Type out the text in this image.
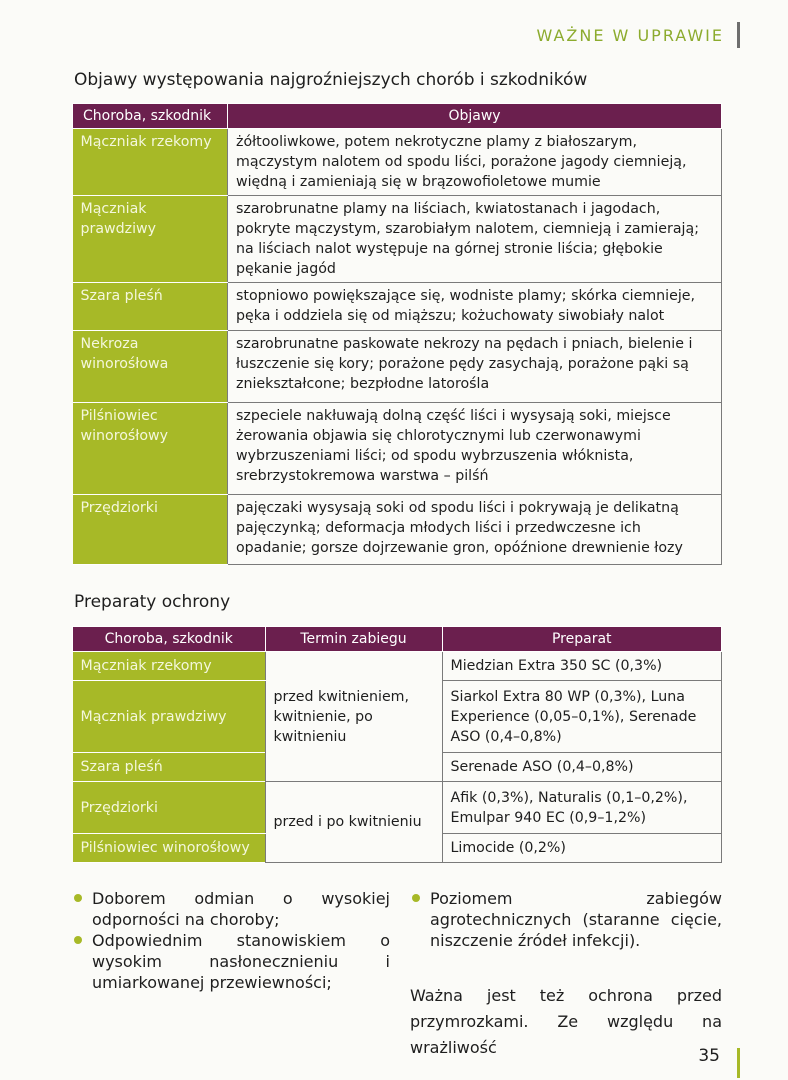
WAŻNE W UPRAWIE
Objawy występowania najgroźniejszych chorób i szkodników
Choroba, szkodnik	Objawy
Mączniak rzekomy	żółtooliwkowe, potem nekrotyczne plamy z białoszarym, mączystym nalotem od spodu liści, porażone jagody ciemnieją, więdną i zamieniają się w brązowofioletowe mumie
Mączniak prawdziwy	szarobrunatne plamy na liściach, kwiatostanach i jagodach, pokryte mączystym, szarobiałym nalotem, ciemnieją i zamierają; na liściach nalot występuje na górnej stronie liścia; głębokie pękanie jagód
Szara pleśń	stopniowo powiększające się, wodniste plamy; skórka ciemnieje, pęka i oddziela się od miąższu; kożuchowaty siwobiały nalot
Nekroza winorośłowa	szarobrunatne paskowate nekrozy na pędach i pniach, bielenie i łuszczenie się kory; porażone pędy zasychają, porażone pąki są zniekształcone; bezpłodne latorośla
Pilśniowiec winorośłowy	szpeciele nakłuwają dolną część liści i wysysają soki, miejsce żerowania objawia się chlorotycznymi lub czerwonawymi wybrzuszeniami liści; od spodu wybrzuszenia włóknista, srebrzystokremowa warstwa – pilśń
Przędziorki	pajęczaki wysysają soki od spodu liści i pokrywają je delikatną pajęczynką; deformacja młodych liści i przedwczesne ich opadanie; gorsze dojrzewanie gron, opóźnione drewnienie łozy
Preparaty ochrony
Choroba, szkodnik	Termin zabiegu	Preparat
Mączniak rzekomy	przed kwitnieniem, kwitnienie, po kwitnieniu	Miedzian Extra 350 SC (0,3%)
Mączniak prawdziwy		Siarkol Extra 80 WP (0,3%), Luna Experience (0,05–0,1%), Serenade ASO (0,4–0,8%)
Szara pleśń		Serenade ASO (0,4–0,8%)
Przędziorki	przed i po kwitnieniu	Afik (0,3%), Naturalis (0,1–0,2%), Emulpar 940 EC (0,9–1,2%)
Pilśniowiec winorośłowy		Limocide (0,2%)
Doborem odmian o wysokiej odporności na choroby;
Odpowiednim stanowiskiem o wysokim nasłonecznieniu i umiarkowanej przewiewności;
Poziomem zabiegów agrotechnicznych (staranne cięcie, niszczenie źródeł infekcji).
Ważna jest też ochrona przed przymrozkami. Ze względu na wrażliwość	35
